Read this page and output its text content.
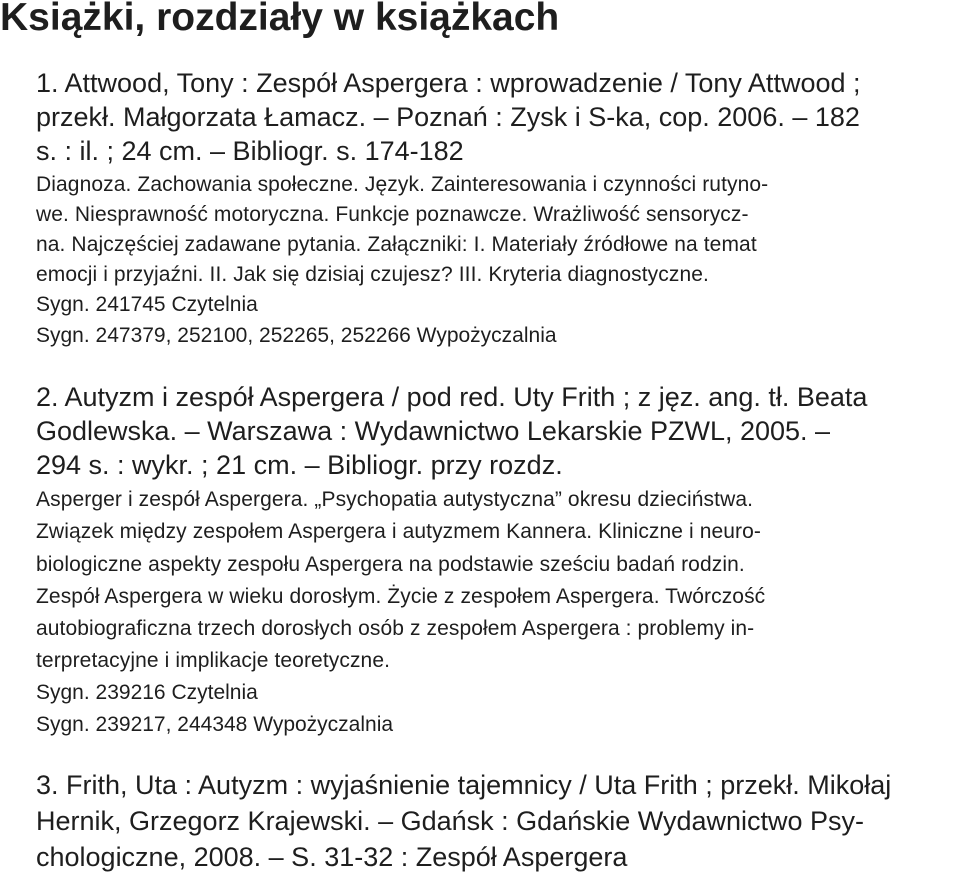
Książki, rozdziały w książkach

1. Attwood, Tony : Zespół Aspergera : wprowadzenie / Tony Attwood ;

przekł. Małgorzata Łamacz. – Poznań : Zysk i S-ka, cop. 2006. – 182

s. : il. ; 24 cm. – Bibliogr. s. 174-182

Diagnoza. Zachowania społeczne. Język. Zainteresowania i czynności rutyno-

we. Niesprawność motoryczna. Funkcje poznawcze. Wrażliwość sensorycz-

na. Najczęściej zadawane pytania. Załączniki: I. Materiały źródłowe na temat

emocji i przyjaźni. II. Jak się dzisiaj czujesz? III. Kryteria diagnostyczne.

Sygn. 241745 Czytelnia

Sygn. 247379, 252100, 252265, 252266 Wypożyczalnia

2. Autyzm i zespół Aspergera / pod red. Uty Frith ; z jęz. ang. tł. Beata

Godlewska. – Warszawa : Wydawnictwo Lekarskie PZWL, 2005. –

294 s. : wykr. ; 21 cm. – Bibliogr. przy rozdz.

Asperger i zespół Aspergera. „Psychopatia autystyczna” okresu dzieciństwa.

Związek między zespołem Aspergera i autyzmem Kannera. Kliniczne i neuro-

biologiczne aspekty zespołu Aspergera na podstawie sześciu badań rodzin.

Zespół Aspergera w wieku dorosłym. Życie z zespołem Aspergera. Twórczość

autobiograficzna trzech dorosłych osób z zespołem Aspergera : problemy in-

terpretacyjne i implikacje teoretyczne.

Sygn. 239216 Czytelnia

Sygn. 239217, 244348 Wypożyczalnia

3. Frith, Uta : Autyzm : wyjaśnienie tajemnicy / Uta Frith ; przekł. Mikołaj

Hernik, Grzegorz Krajewski. – Gdańsk : Gdańskie Wydawnictwo Psy-

chologiczne, 2008. – S. 31-32 : Zespół Aspergera
